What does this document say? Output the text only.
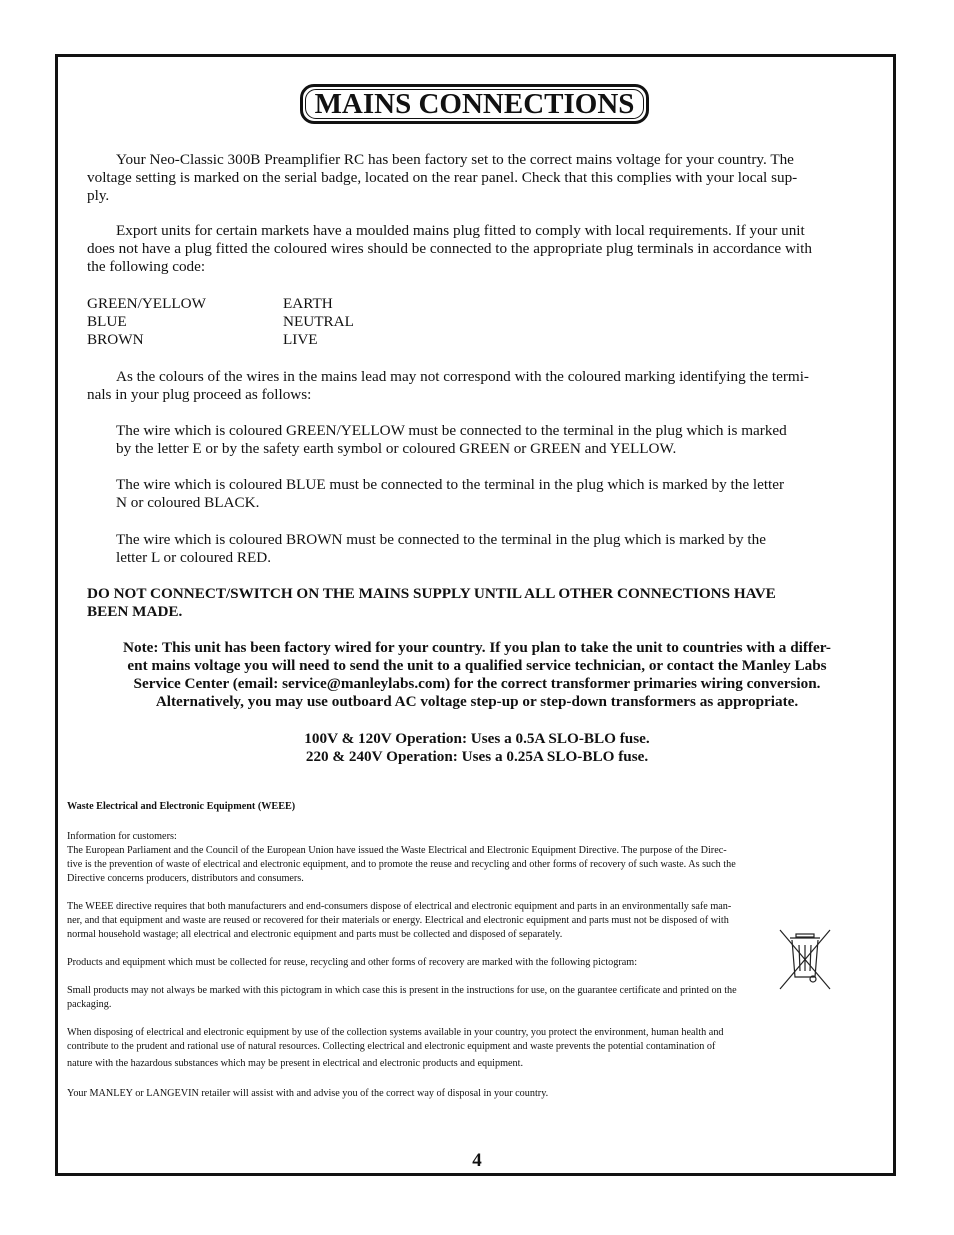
MAINS CONNECTIONS
Your Neo-Classic 300B Preamplifier RC has been factory set to the correct mains voltage for your country. The
voltage setting is marked on the serial badge, located on the rear panel. Check that this complies with your local sup-
ply.
Export units for certain markets have a moulded mains plug fitted to comply with local requirements. If your unit
does not have a plug fitted the coloured wires should be connected to the appropriate plug terminals in accordance with
the following code:
GREEN/YELLOW	EARTH
BLUE	NEUTRAL
BROWN	LIVE
As the colours of the wires in the mains lead may not correspond with the coloured marking identifying the termi-
nals in your plug proceed as follows:
The wire which is coloured GREEN/YELLOW must be connected to the terminal in the plug which is marked
by the letter E or by the safety earth symbol or coloured GREEN or GREEN and YELLOW.
The wire which is coloured BLUE must be connected to the terminal in the plug which is marked by the letter
N or coloured BLACK.
The wire which is coloured BROWN must be connected to the terminal in the plug which is marked by the
letter L or coloured RED.
DO NOT CONNECT/SWITCH ON THE MAINS SUPPLY UNTIL ALL OTHER CONNECTIONS HAVE
BEEN MADE.
Note: This unit has been factory wired for your country. If you plan to take the unit to countries with a differ-
ent mains voltage you will need to send the unit to a qualified service technician, or contact the Manley Labs
Service Center (email: service@manleylabs.com) for the correct transformer primaries wiring conversion.
Alternatively, you may use outboard AC voltage step-up or step-down transformers as appropriate.
100V & 120V Operation: Uses a 0.5A SLO-BLO fuse.
220 & 240V Operation: Uses a 0.25A SLO-BLO fuse.
Waste Electrical and Electronic Equipment (WEEE)
Information for customers:
The European Parliament and the Council of the European Union have issued the Waste Electrical and Electronic Equipment Directive. The purpose of the Direc-
tive is the prevention of waste of electrical and electronic equipment, and to promote the reuse and recycling and other forms of recovery of such waste. As such the
Directive concerns producers, distributors and consumers.
The WEEE directive requires that both manufacturers and end-consumers dispose of electrical and electronic equipment and parts in an environmentally safe man-
ner, and that equipment and waste are reused or recovered for their materials or energy. Electrical and electronic equipment and parts must not be disposed of with
normal household wastage; all electrical and electronic equipment and parts must be collected and disposed of separately.
Products and equipment which must be collected for reuse, recycling and other forms of recovery are marked with the following pictogram:
Small products may not always be marked with this pictogram in which case this is present in the instructions for use, on the guarantee certificate and printed on the
packaging.
When disposing of electrical and electronic equipment by use of the collection systems available in your country, you protect the environment, human health and
contribute to the prudent and rational use of natural resources. Collecting electrical and electronic equipment and waste prevents the potential contamination of
nature with the hazardous substances which may be present in electrical and electronic products and equipment.
Your MANLEY or LANGEVIN retailer will assist with and advise you of the correct way of disposal in your country.
4
